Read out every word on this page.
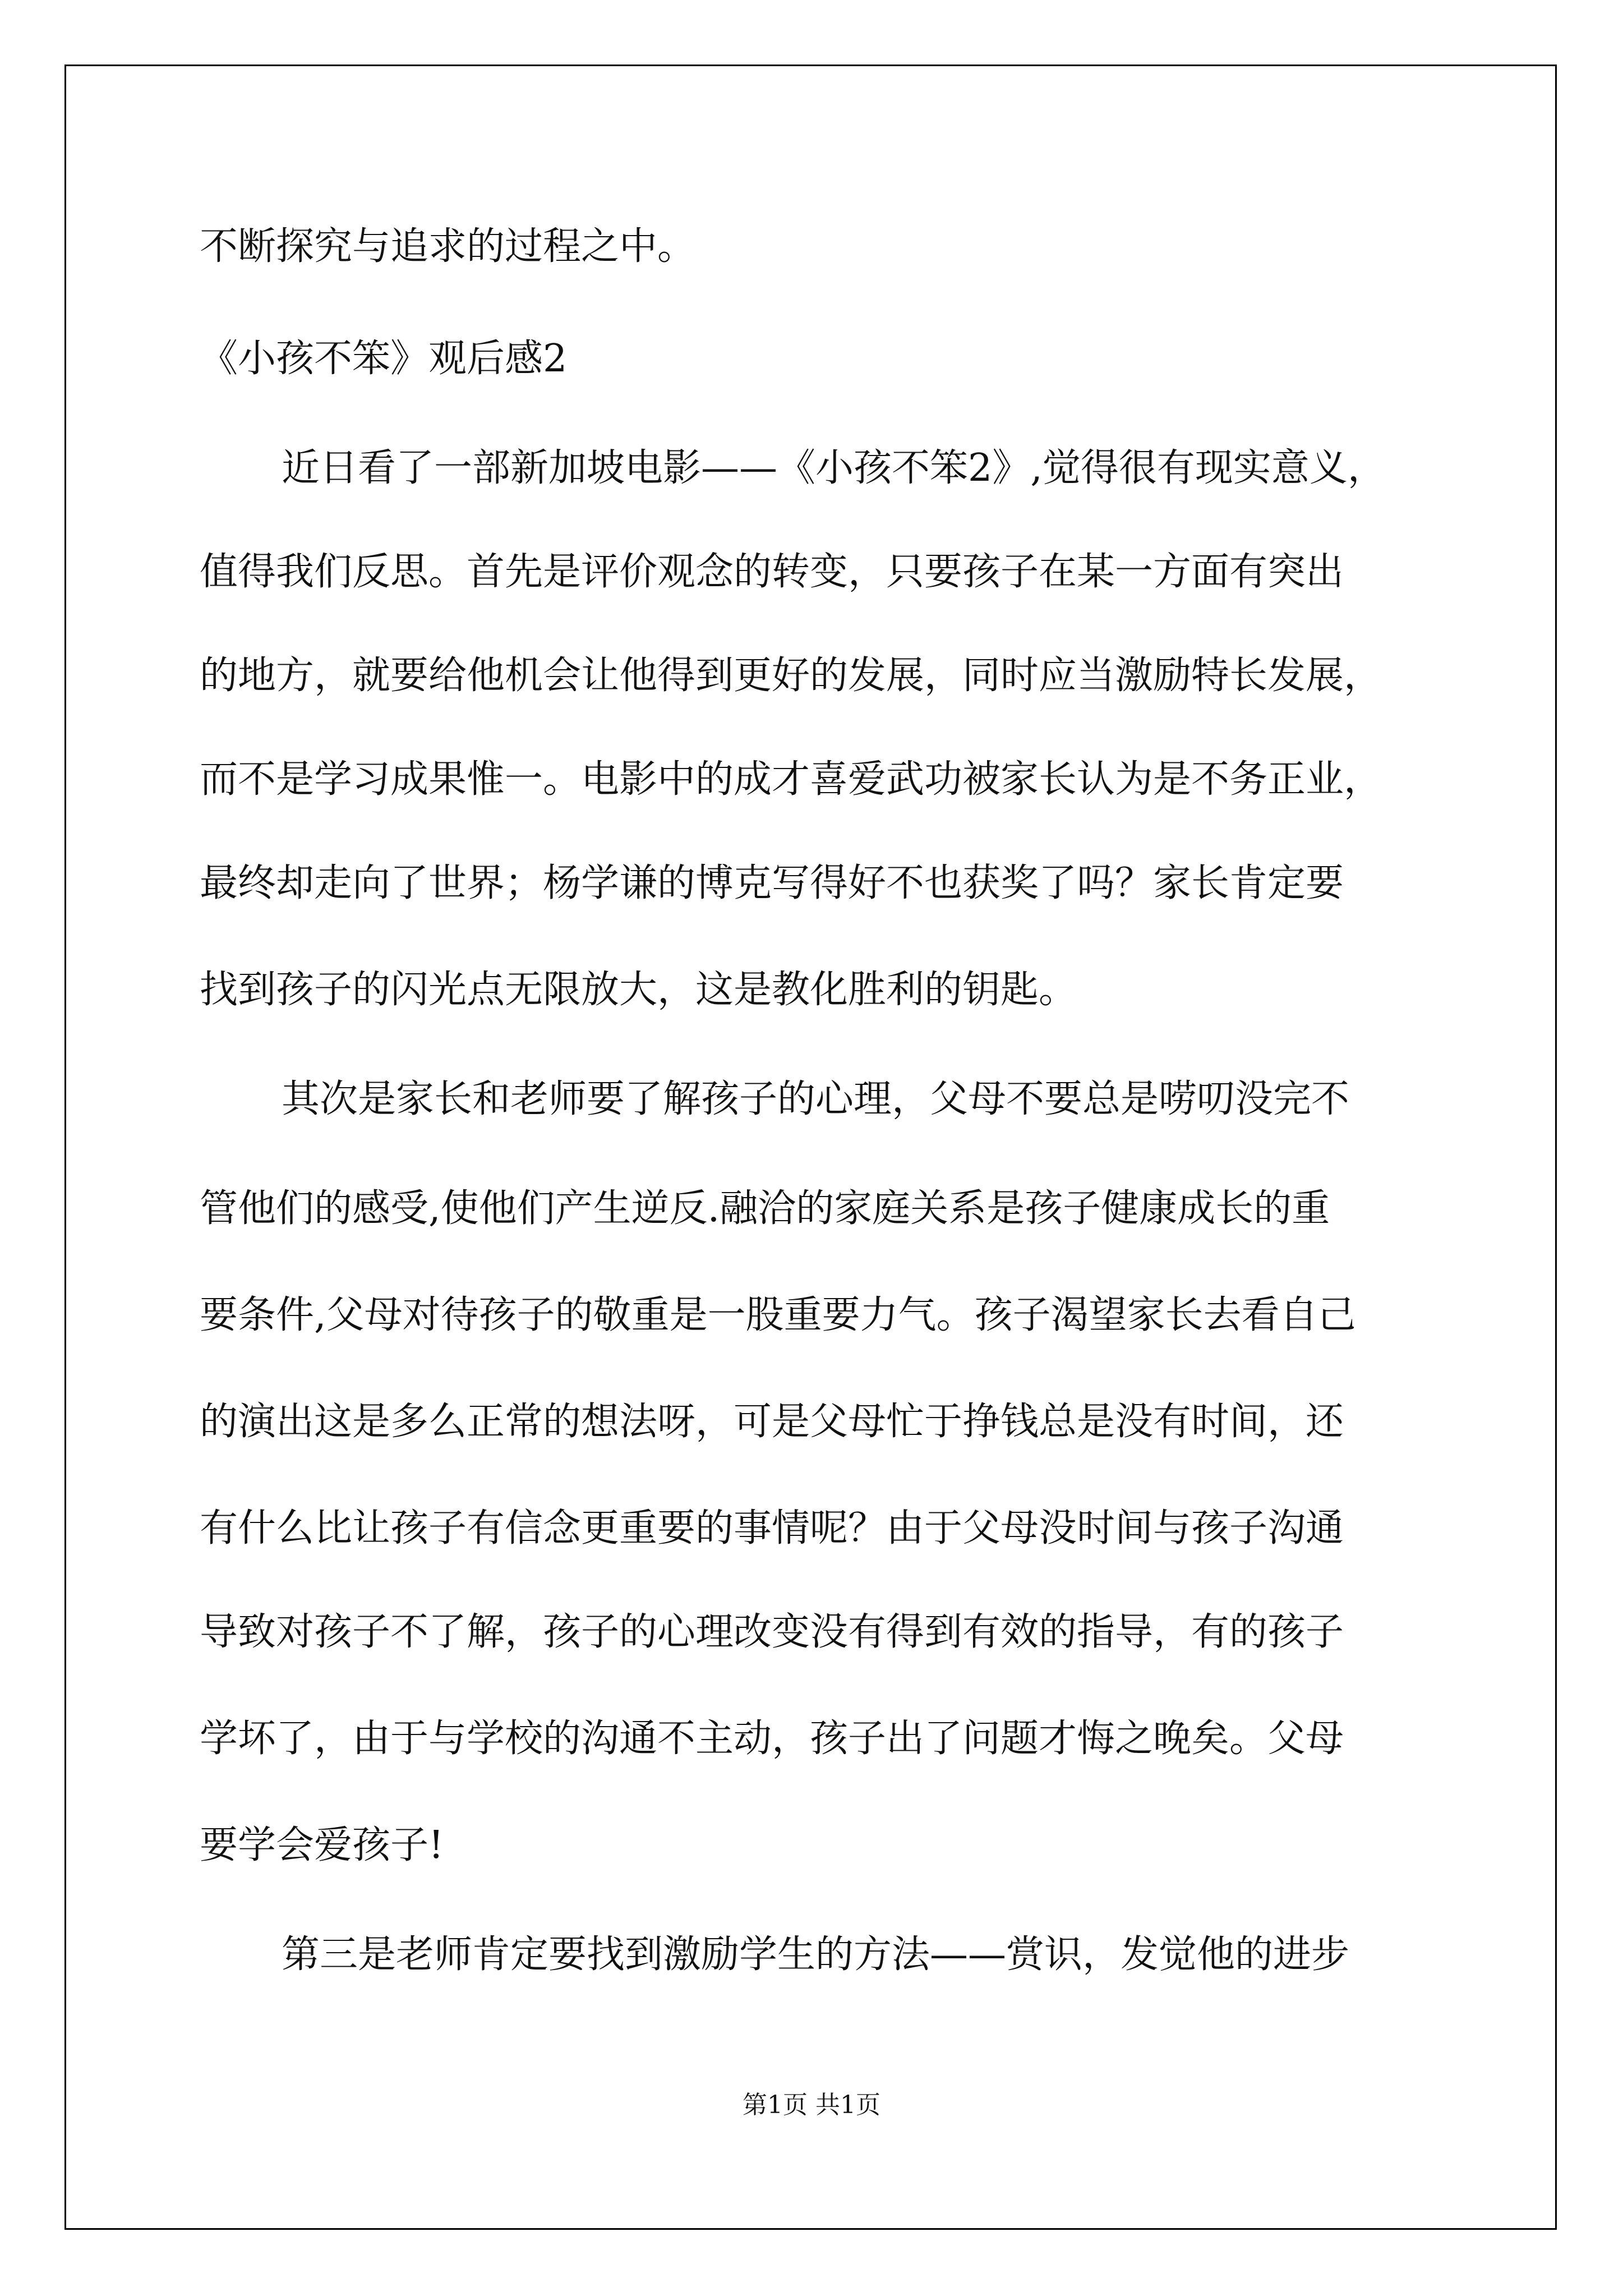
不断探究与追求的过程之中。

《小孩不笨》观后感2

近日看了一部新加坡电影——《小孩不笨2》,觉得很有现实意义，

值得我们反思。首先是评价观念的转变，只要孩子在某一方面有突出

的地方，就要给他机会让他得到更好的发展，同时应当激励特长发展，

而不是学习成果惟一。电影中的成才喜爱武功被家长认为是不务正业，

最终却走向了世界；杨学谦的博克写得好不也获奖了吗？家长肯定要

找到孩子的闪光点无限放大，这是教化胜利的钥匙。

其次是家长和老师要了解孩子的心理，父母不要总是唠叨没完不

管他们的感受,使他们产生逆反.融洽的家庭关系是孩子健康成长的重

要条件,父母对待孩子的敬重是一股重要力气。孩子渴望家长去看自己

的演出这是多么正常的想法呀，可是父母忙于挣钱总是没有时间，还

有什么比让孩子有信念更重要的事情呢？由于父母没时间与孩子沟通

导致对孩子不了解，孩子的心理改变没有得到有效的指导，有的孩子

学坏了，由于与学校的沟通不主动，孩子出了问题才悔之晚矣。父母

要学会爱孩子!

第三是老师肯定要找到激励学生的方法——赏识，发觉他的进步

第1页 共1页
